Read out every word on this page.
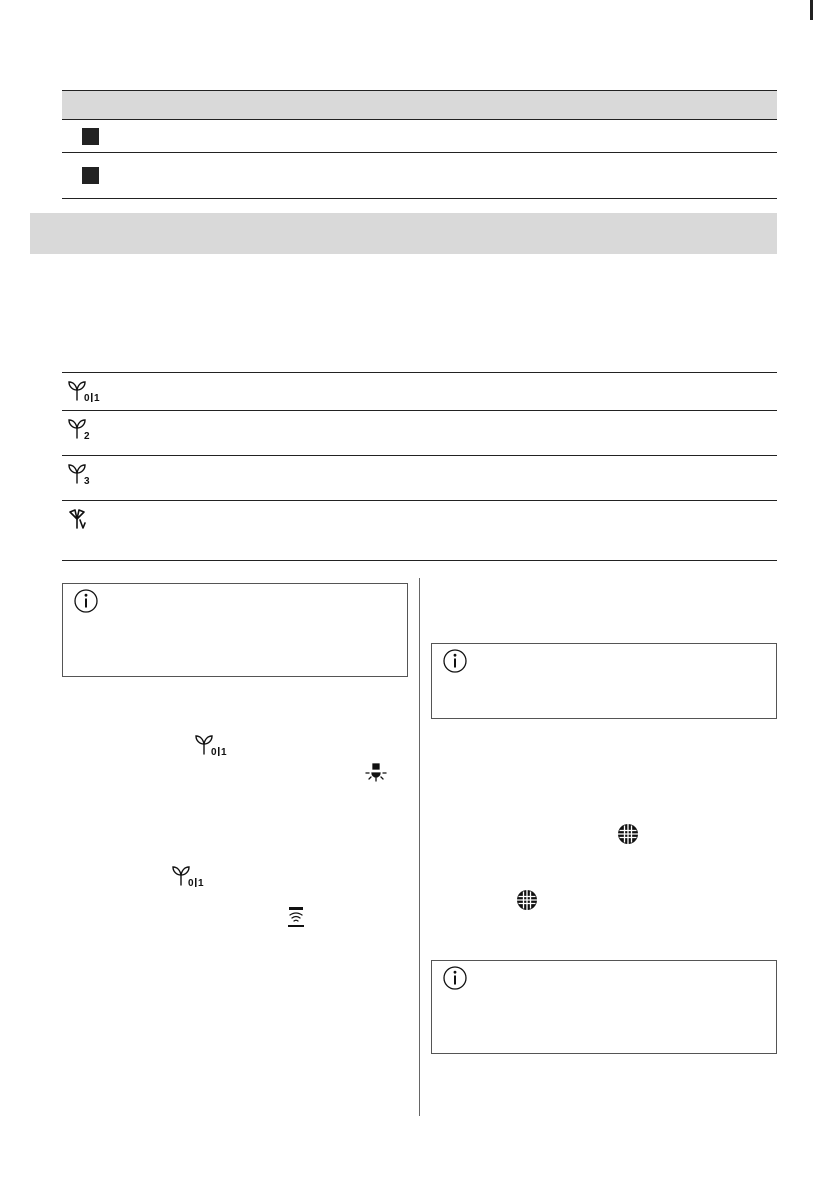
0 1
2
3
0 1
0 1
